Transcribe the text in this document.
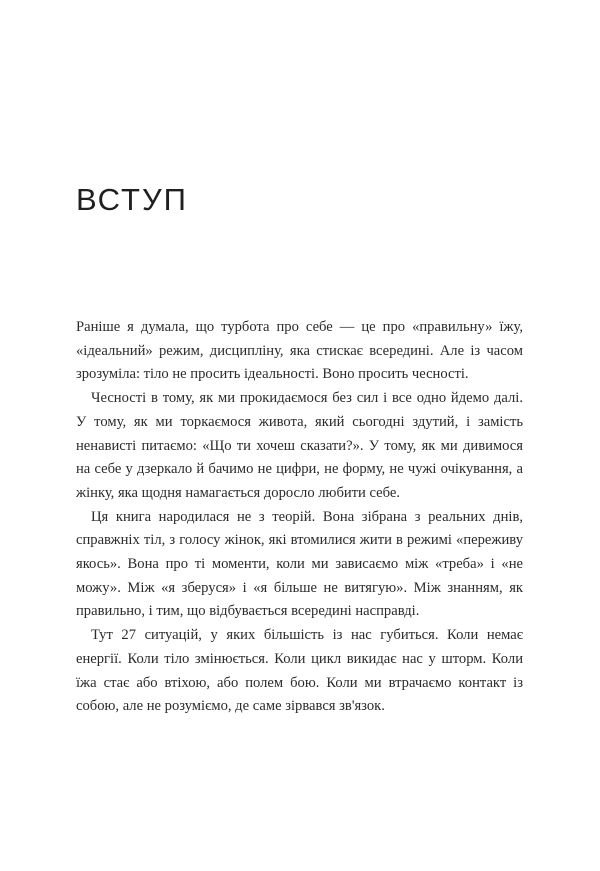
ВСТУП

Раніше я думала, що турбота про себе — це про «правильну» їжу, «ідеальний» режим, дисципліну, яка стискає всередині. Але із часом зрозуміла: тіло не просить ідеальності. Воно просить чесності.

Чесності в тому, як ми прокидаємося без сил і все одно йдемо далі. У тому, як ми торкаємося живота, який сьогодні здутий, і замість ненависті питаємо: «Що ти хочеш сказати?». У тому, як ми дивимося на себе у дзеркало й бачимо не цифри, не форму, не чужі очікування, а жінку, яка щодня намагається доросло любити себе.

Ця книга народилася не з теорій. Вона зібрана з реальних днів, справжніх тіл, з голосу жінок, які втомилися жити в режимі «переживу якось». Вона про ті моменти, коли ми зависаємо між «треба» і «не можу». Між «я зберуся» і «я більше не витягую». Між знанням, як правильно, і тим, що відбувається всередині насправді.

Тут 27 ситуацій, у яких більшість із нас губиться. Коли немає енергії. Коли тіло змінюється. Коли цикл викидає нас у шторм. Коли їжа стає або втіхою, або полем бою. Коли ми втрачаємо контакт із собою, але не розуміємо, де саме зірвався зв'язок.
